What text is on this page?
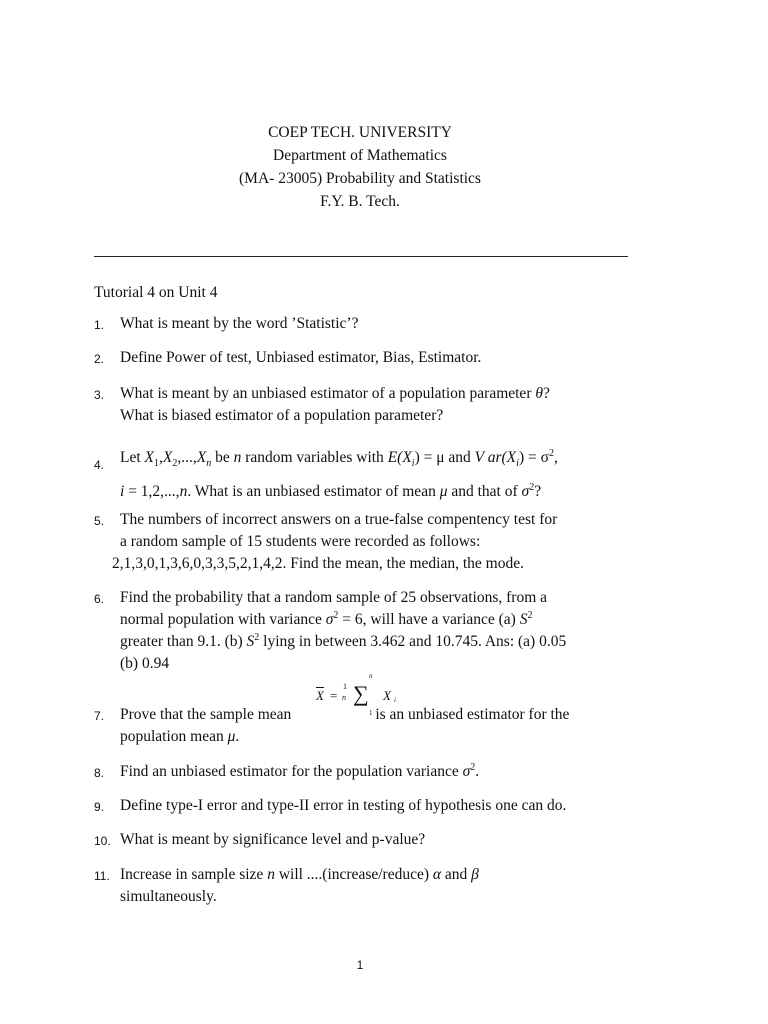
COEP TECH. UNIVERSITY
Department of Mathematics
(MA- 23005) Probability and Statistics
F.Y. B. Tech.
Tutorial 4 on Unit 4
1. What is meant by the word ’Statistic’?
2. Define Power of test, Unbiased estimator, Bias, Estimator.
3. What is meant by an unbiased estimator of a population parameter θ?
What is biased estimator of a population parameter?
4. Let $X_1,X_2,...,X_n$ be n random variables with $E(X_i) = \mu$ and V $ar(X_i) = \sigma^2$,
i = 1,2,...,n. What is an unbiased estimator of mean μ and that of $\sigma^2$?
5. The numbers of incorrect answers on a true-false compentency test for
a random sample of 15 students were recorded as follows:
2,1,3,0,1,3,6,0,3,3,5,2,1,4,2. Find the mean, the median, the mode.
6. Find the probability that a random sample of 25 observations, from a
normal population with variance $\sigma^2 = 6$, will have a variance (a) $S^2$
greater than 9.1. (b) $S^2$ lying in between 3.462 and 10.745. Ans: (a) 0.05
(b) 0.94
$\overline{X}$ =
1
n ∑
n
1
X i
7. Prove that the sample mean	is an unbiased estimator for the
population mean μ.
8. Find an unbiased estimator for the population variance $\sigma^2$.
9. Define type-I error and type-II error in testing of hypothesis one can do.
10. What is meant by significance level and p-value?
11. Increase in sample size n will ....(increase/reduce) α and β
simultaneously.
1
